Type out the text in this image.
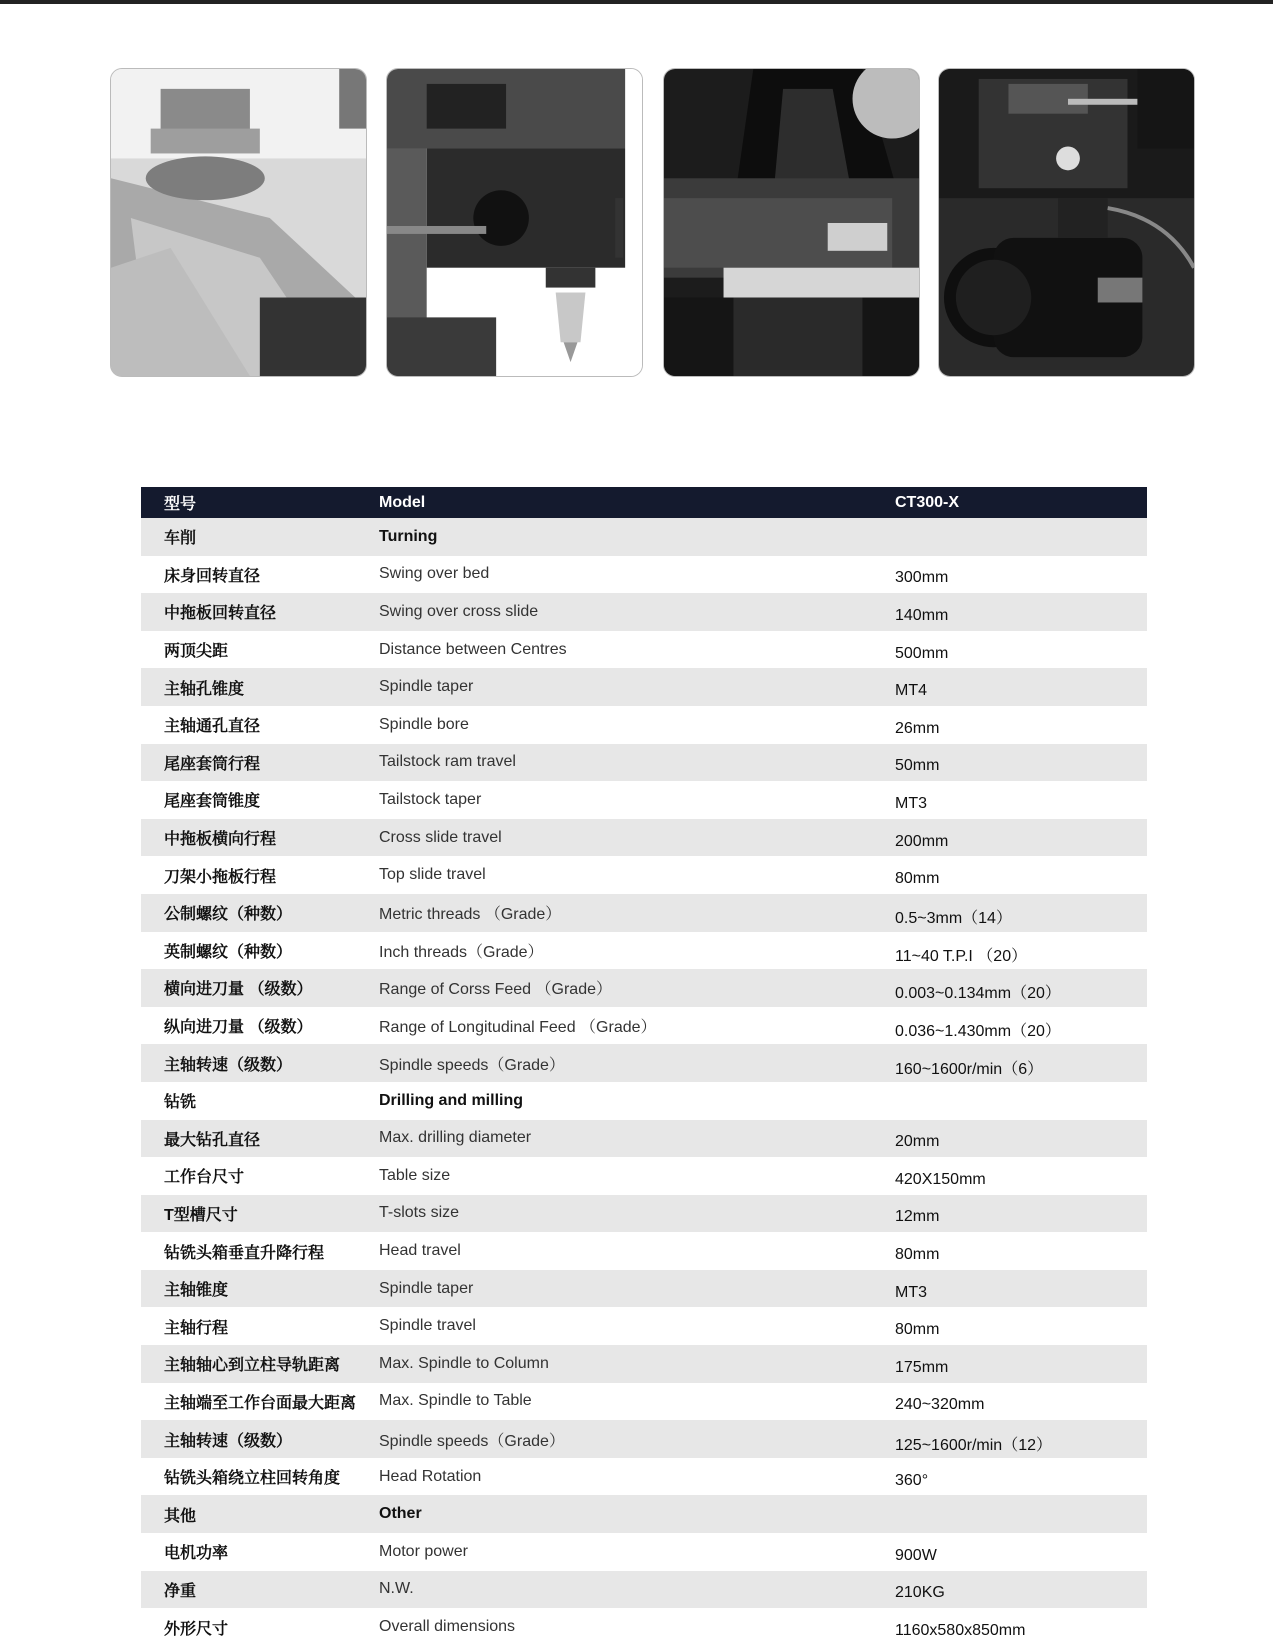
型号	Model	CT300-X
车削	Turning	
床身回转直径	Swing over bed	300mm
中拖板回转直径	Swing over cross slide	140mm
两顶尖距	Distance between Centres	500mm
主轴孔锥度	Spindle taper	MT4
主轴通孔直径	Spindle bore	26mm
尾座套筒行程	Tailstock ram travel	50mm
尾座套筒锥度	Tailstock taper	MT3
中拖板横向行程	Cross slide travel	200mm
刀架小拖板行程	Top slide travel	80mm
公制螺纹（种数）	Metric threads （Grade）	0.5~3mm（14）
英制螺纹（种数）	Inch threads（Grade）	11~40 T.P.I （20）
横向进刀量 （级数）	Range of Corss Feed （Grade）	0.003~0.134mm（20）
纵向进刀量 （级数）	Range of Longitudinal Feed （Grade）	0.036~1.430mm（20）
主轴转速（级数）	Spindle speeds（Grade）	160~1600r/min（6）
钻铣	Drilling and milling	
最大钻孔直径	Max. drilling diameter	20mm
工作台尺寸	Table size	420X150mm
T型槽尺寸	T-slots size	12mm
钻铣头箱垂直升降行程	Head travel	80mm
主轴锥度	Spindle taper	MT3
主轴行程	Spindle travel	80mm
主轴轴心到立柱导轨距离	Max. Spindle to Column	175mm
主轴端至工作台面最大距离	Max. Spindle to Table	240~320mm
主轴转速（级数）	Spindle speeds（Grade）	125~1600r/min（12）
钻铣头箱绕立柱回转角度	Head Rotation	360°
其他	Other	
电机功率	Motor power	900W
净重	N.W.	210KG
外形尺寸	Overall dimensions	1160x580x850mm
